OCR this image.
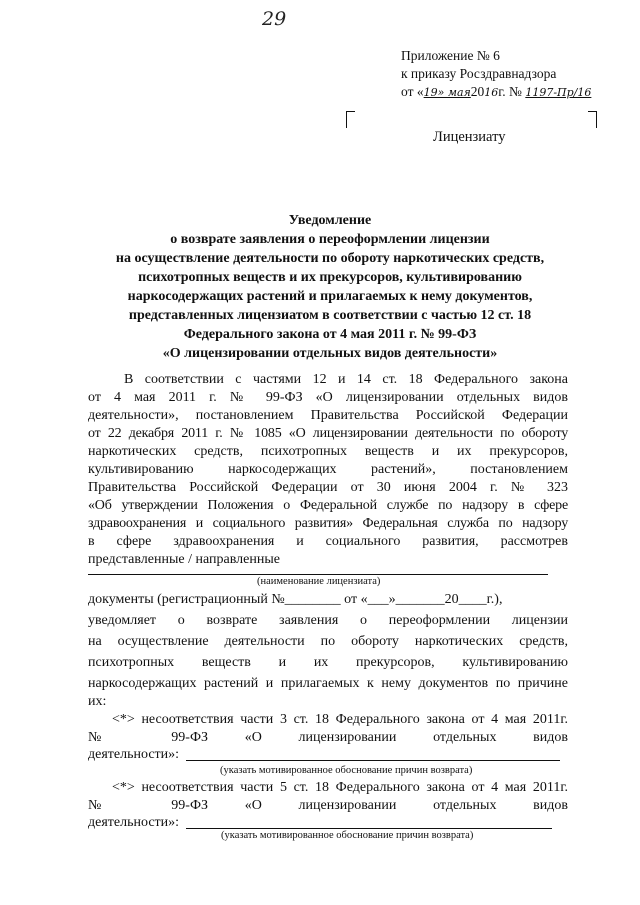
29
Приложение № 6
к приказу Росздравнадзора
от «19» мая2016г. № 1197-Пр/16
Лицензиату
Уведомление
о возврате заявления о переоформлении лицензии
на осуществление деятельности по обороту наркотических средств,
психотропных веществ и их прекурсоров, культивированию
наркосодержащих растений и прилагаемых к нему документов,
представленных лицензиатом в соответствии с частью 12 ст. 18
Федерального закона от 4 мая 2011 г. № 99-ФЗ
«О лицензировании отдельных видов деятельности»
В соответствии с частями 12 и 14 ст. 18 Федерального закона
от 4 мая 2011 г. № 99-ФЗ «О лицензировании отдельных видов
деятельности», постановлением Правительства Российской Федерации
от 22 декабря 2011 г. № 1085 «О лицензировании деятельности по обороту
наркотических средств, психотропных веществ и их прекурсоров,
культивированию наркосодержащих растений», постановлением
Правительства Российской Федерации от 30 июня 2004 г. № 323
«Об утверждении Положения о Федеральной службе по надзору в сфере
здравоохранения и социального развития» Федеральная служба по надзору
в сфере здравоохранения и социального развития, рассмотрев
представленные / направленные
(наименование лицензиата)
документы (регистрационный №________ от «___»_______20____г.),
уведомляет о возврате заявления о переоформлении лицензии
на осуществление деятельности по обороту наркотических средств,
психотропных веществ и их прекурсоров, культивированию
наркосодержащих растений и прилагаемых к нему документов по причине
их:
<*> несоответствия части 3 ст. 18 Федерального закона от 4 мая 2011г.
№ 99-ФЗ «О лицензировании отдельных видов
деятельности»:
(указать мотивированное обоснование причин возврата)
<*> несоответствия части 5 ст. 18 Федерального закона от 4 мая 2011г.
№ 99-ФЗ «О лицензировании отдельных видов
деятельности»:
(указать мотивированное обоснование причин возврата)
